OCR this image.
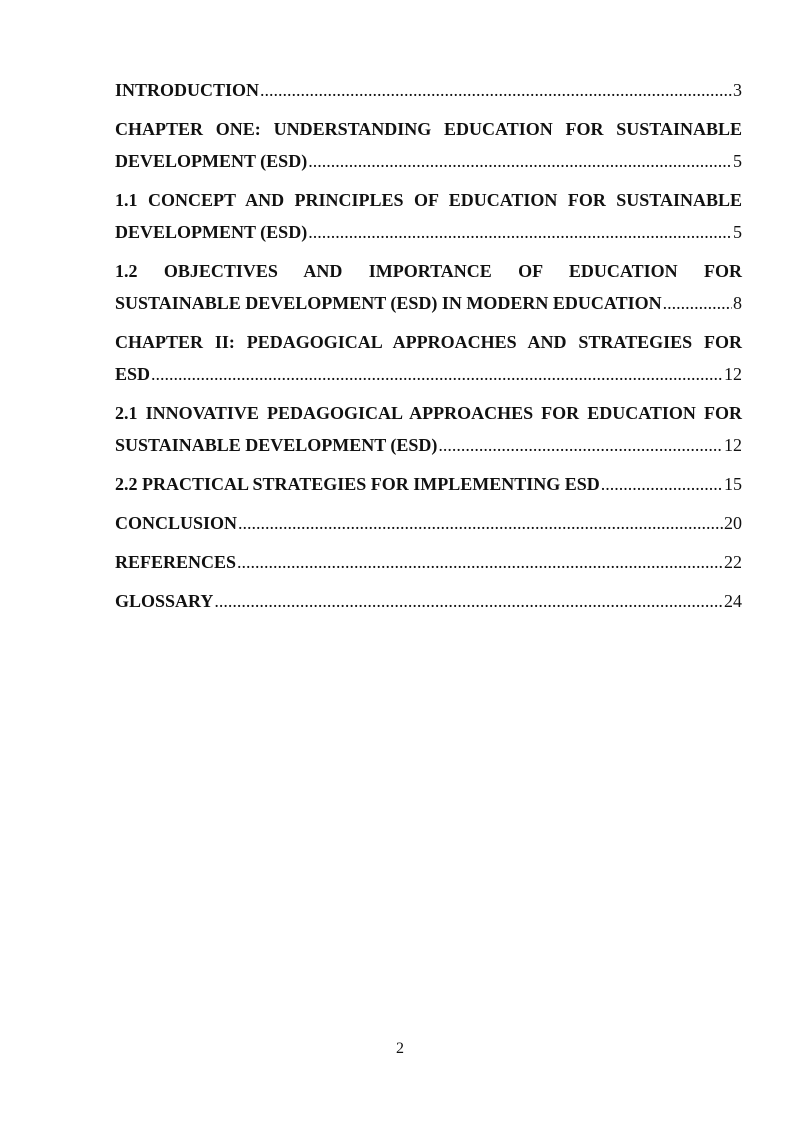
INTRODUCTION .....	3
CHAPTER ONE: UNDERSTANDING EDUCATION FOR SUSTAINABLE
DEVELOPMENT (ESD) .....	5
1.1 CONCEPT AND PRINCIPLES OF EDUCATION FOR SUSTAINABLE
DEVELOPMENT (ESD) .....	5
1.2 OBJECTIVES AND IMPORTANCE OF EDUCATION FOR
SUSTAINABLE DEVELOPMENT (ESD) IN MODERN EDUCATION .....	8
CHAPTER II: PEDAGOGICAL APPROACHES AND STRATEGIES FOR
ESD .....	12
2.1 INNOVATIVE PEDAGOGICAL APPROACHES FOR EDUCATION FOR
SUSTAINABLE DEVELOPMENT (ESD) .....	12
2.2 PRACTICAL STRATEGIES FOR IMPLEMENTING ESD .....	15
CONCLUSION .....	20
REFERENCES .....	22
GLOSSARY .....	24
2
